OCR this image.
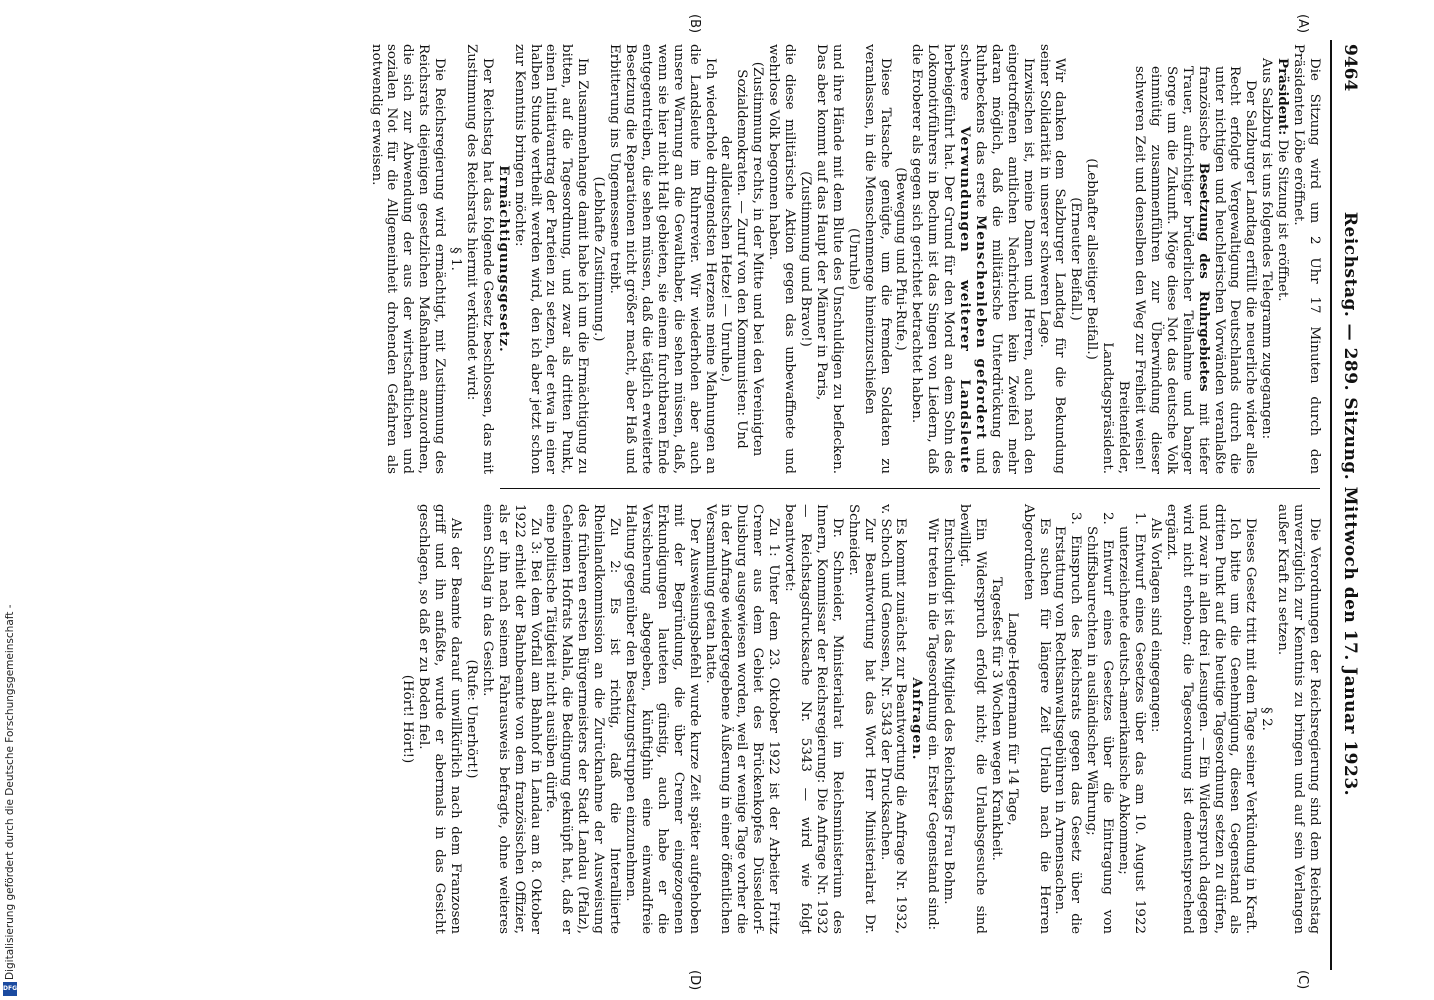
9464
Reichstag. — 289. Sitzung. Mittwoch den 17. Januar 1923.
(A)
(B)
(C)
(D)

Die Sitzung wird um 2 Uhr 17 Minuten durch den Präsidenten Löbe eröffnet.

Präsident: Die Sitzung ist eröffnet.

Aus Salzburg ist uns folgendes Telegramm zugegangen:

Der Salzburger Landtag erfüllt die neuerliche wider alles Recht erfolgte Vergewaltigung Deutschlands durch die unter nichtigen und heuchlerischen Vorwänden veranlaßte französische Besetzung des Ruhrgebietes mit tiefer Trauer, aufrichtiger brüderlicher Teilnahme und banger Sorge um die Zukunft. Möge diese Not das deutsche Volk einmütig zusammenführen zur Überwindung dieser schweren Zeit und denselben den Weg zur Freiheit weisen!

Breitenfelder,

Landtagspräsident.

(Lebhafter allseitiger Beifall.)

(Erneuter Beifall.)

Wir danken dem Salzburger Landtag für die Bekundung seiner Solidarität in unserer schweren Lage.

Inzwischen ist, meine Damen und Herren, auch nach den eingetroffenen amtlichen Nachrichten kein Zweifel mehr daran möglich, daß die militärische Unterdrückung des Ruhrbeckens das erste Menschenleben gefordert und schwere Verwundungen weiterer Landsleute herbeigeführt hat. Der Grund für den Mord an dem Sohn des Lokomotivführers in Bochum ist das Singen von Liedern, daß die Eroberer als gegen sich gerichtet betrachtet haben.

(Bewegung und Pfui-Rufe.)

Diese Tatsache genügte, um die fremden Soldaten zu veranlassen, in die Menschenmenge hineinzuschießen

(Unruhe)

und ihre Hände mit dem Blute des Unschuldigen zu beflecken. Das aber kommt auf das Haupt der Männer in Paris,

(Zustimmung und Bravo!)

die diese militärische Aktion gegen das unbewaffnete und wehrlose Volk begonnen haben.

(Zustimmung rechts, in der Mitte und bei den Vereinigten Sozialdemokraten. — Zuruf von den Kommunisten: Und der alldeutschen Hetze! — Unruhe.)

Ich wiederhole dringendsten Herzens meine Mahnungen an die Landsleute im Ruhrrevier. Wir wiederholen aber auch unsere Warnung an die Gewalthaber, die sehen müssen, daß, wenn sie hier nicht Halt gebieten, sie einem furchtbaren Ende entgegentreiben, die sehen müssen, daß die täglich erweiterte Besetzung die Reparationen nicht größer macht, aber Haß und Erbitterung ins Ungemessene treibt.

(Lebhafte Zustimmung.)

Im Zusammenhange damit habe ich um die Ermächtigung zu bitten, auf die Tagesordnung, und zwar als dritten Punkt, einen Initiativantrag der Parteien zu setzen, der etwa in einer halben Stunde vertheilt werden wird, den ich aber jetzt schon zur Kenntnis bringen möchte:

Ermächtigungsgesetz.

Der Reichstag hat das folgende Gesetz beschlossen, das mit Zustimmung des Reichsrats hiermit verkündet wird:

§ 1.

Die Reichsregierung wird ermächtigt, mit Zustimmung des Reichsrats diejenigen gesetzlichen Maßnahmen anzuordnen, die sich zur Abwendung der aus der wirtschaftlichen und sozialen Not für die Allgemeinheit drohenden Gefahren als notwendig erweisen.

Die Verordnungen der Reichsregierung sind dem Reichstag unverzüglich zur Kenntnis zu bringen und auf sein Verlangen außer Kraft zu setzen.

§ 2.

Dieses Gesetz tritt mit dem Tage seiner Verkündung in Kraft.

Ich bitte um die Genehmigung, diesen Gegenstand als dritten Punkt auf die heutige Tagesordnung setzen zu dürfen, und zwar in allen drei Lesungen. — Ein Widerspruch dagegen wird nicht erhoben; die Tagesordnung ist dementsprechend ergänzt.

Als Vorlagen sind eingegangen:

1. Entwurf eines Gesetzes über das am 10. August 1922 unterzeichnete deutsch-amerikanische Abkommen;

2. Entwurf eines Gesetzes über die Eintragung von Schiffsbaurechten in ausländischer Währung;

3. Einspruch des Reichsrats gegen das Gesetz über die Erstattung von Rechtsanwaltsgebühren in Armensachen.

Es suchen für längere Zeit Urlaub nach die Herren Abgeordneten

Lange-Hegermann für 14 Tage,

Tagesfest für 3 Wochen wegen Krankheit.

Ein Widerspruch erfolgt nicht; die Urlaubsgesuche sind bewilligt.

Entschuldigt ist das Mitglied des Reichstags Frau Bohm.

Wir treten in die Tagesordnung ein. Erster Gegenstand sind:

Anfragen.

Es kommt zunächst zur Beantwortung die Anfrage Nr. 1932, v. Schoch und Genossen, Nr. 5343 der Drucksachen.

Zur Beantwortung hat das Wort Herr Ministerialrat Dr. Schneider.

Dr. Schneider, Ministerialrat im Reichsministerium des Innern, Kommissar der Reichsregierung: Die Anfrage Nr. 1932 — Reichstagsdrucksache Nr. 5343 — wird wie folgt beantwortet:

Zu 1: Unter dem 23. Oktober 1922 ist der Arbeiter Fritz Cremer aus dem Gebiet des Brückenkopfes Düsseldorf-Duisburg ausgewiesen worden, weil er wenige Tage vorher die in der Anfrage wiedergegebene Äußerung in einer öffentlichen Versammlung getan hatte.

Der Ausweisungsbefehl wurde kurze Zeit später aufgehoben mit der Begründung, die über Cremer eingezogenen Erkundigungen lauteten günstig, auch habe er die Versicherung abgegeben, künftighin eine einwandfreie Haltung gegenüber den Besatzungstruppen einzunehmen.

Zu 2: Es ist richtig, daß die Interalliierte Rheinlandkommission an die Zurücknahme der Ausweisung des früheren ersten Bürgermeisters der Stadt Landau (Pfalz), Geheimen Hofrats Mahla, die Bedingung geknüpft hat, daß er eine politische Tätigkeit nicht ausüben dürfe.

Zu 3: Bei dem Vorfall am Bahnhof in Landau am 8. Oktober 1922 erhielt der Bahnbeamte von dem französischen Offizier, als er ihn nach seinem Fahrausweis befragte, ohne weiteres einen Schlag in das Gesicht.

(Rufe: Unerhört!)

Als der Beamte darauf unwillkürlich nach dem Franzosen griff und ihn anfaßte, wurde er abermals in das Gesicht geschlagen, so daß er zu Boden fiel.

(Hört! Hört!)

Digitalisierung gefördert durch die Deutsche Forschungsgemeinschaft -
DFG
